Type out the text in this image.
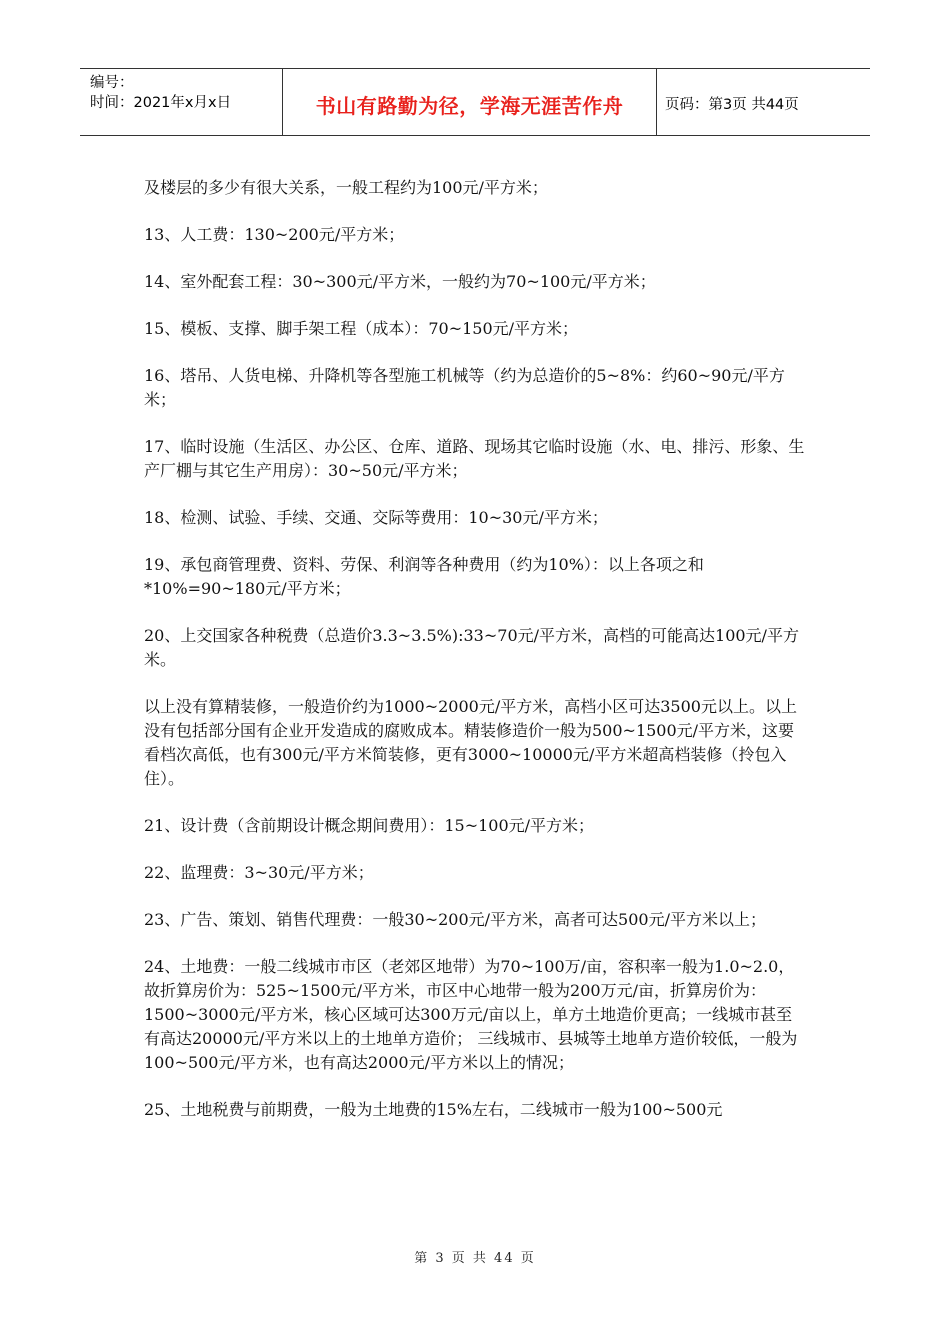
编号：
时间：2021年x月x日	书山有路勤为径，学海无涯苦作舟	页码：第3页 共44页

及楼层的多少有很大关系，一般工程约为100元/平方米；

13、人工费：130~200元/平方米；

14、室外配套工程：30~300元/平方米，一般约为70~100元/平方米；

15、模板、支撑、脚手架工程（成本）：70~150元/平方米；

16、塔吊、人货电梯、升降机等各型施工机械等（约为总造价的5~8%：约60~90元/平方米；

17、临时设施（生活区、办公区、仓库、道路、现场其它临时设施（水、电、排污、形象、生产厂棚与其它生产用房）：30~50元/平方米；

18、检测、试验、手续、交通、交际等费用：10~30元/平方米；

19、承包商管理费、资料、劳保、利润等各种费用（约为10%）：以上各项之和*10%=90~180元/平方米；

20、上交国家各种税费（总造价3.3~3.5%):33~70元/平方米，高档的可能高达100元/平方米。

以上没有算精装修，一般造价约为1000~2000元/平方米，高档小区可达3500元以上。以上没有包括部分国有企业开发造成的腐败成本。精装修造价一般为500~1500元/平方米，这要看档次高低，也有300元/平方米简装修，更有3000~10000元/平方米超高档装修（拎包入住）。

21、设计费（含前期设计概念期间费用）：15~100元/平方米；

22、监理费：3~30元/平方米；

23、广告、策划、销售代理费：一般30~200元/平方米，高者可达500元/平方米以上；

24、土地费：一般二线城市市区（老郊区地带）为70~100万/亩，容积率一般为1.0~2.0，故折算房价为：525~1500元/平方米，市区中心地带一般为200万元/亩，折算房价为：1500~3000元/平方米，核心区域可达300万元/亩以上，单方土地造价更高；一线城市甚至有高达20000元/平方米以上的土地单方造价； 三线城市、县城等土地单方造价较低，一般为100~500元/平方米，也有高达2000元/平方米以上的情况；

25、土地税费与前期费，一般为土地费的15%左右，二线城市一般为100~500元

第 3 页 共 44 页
